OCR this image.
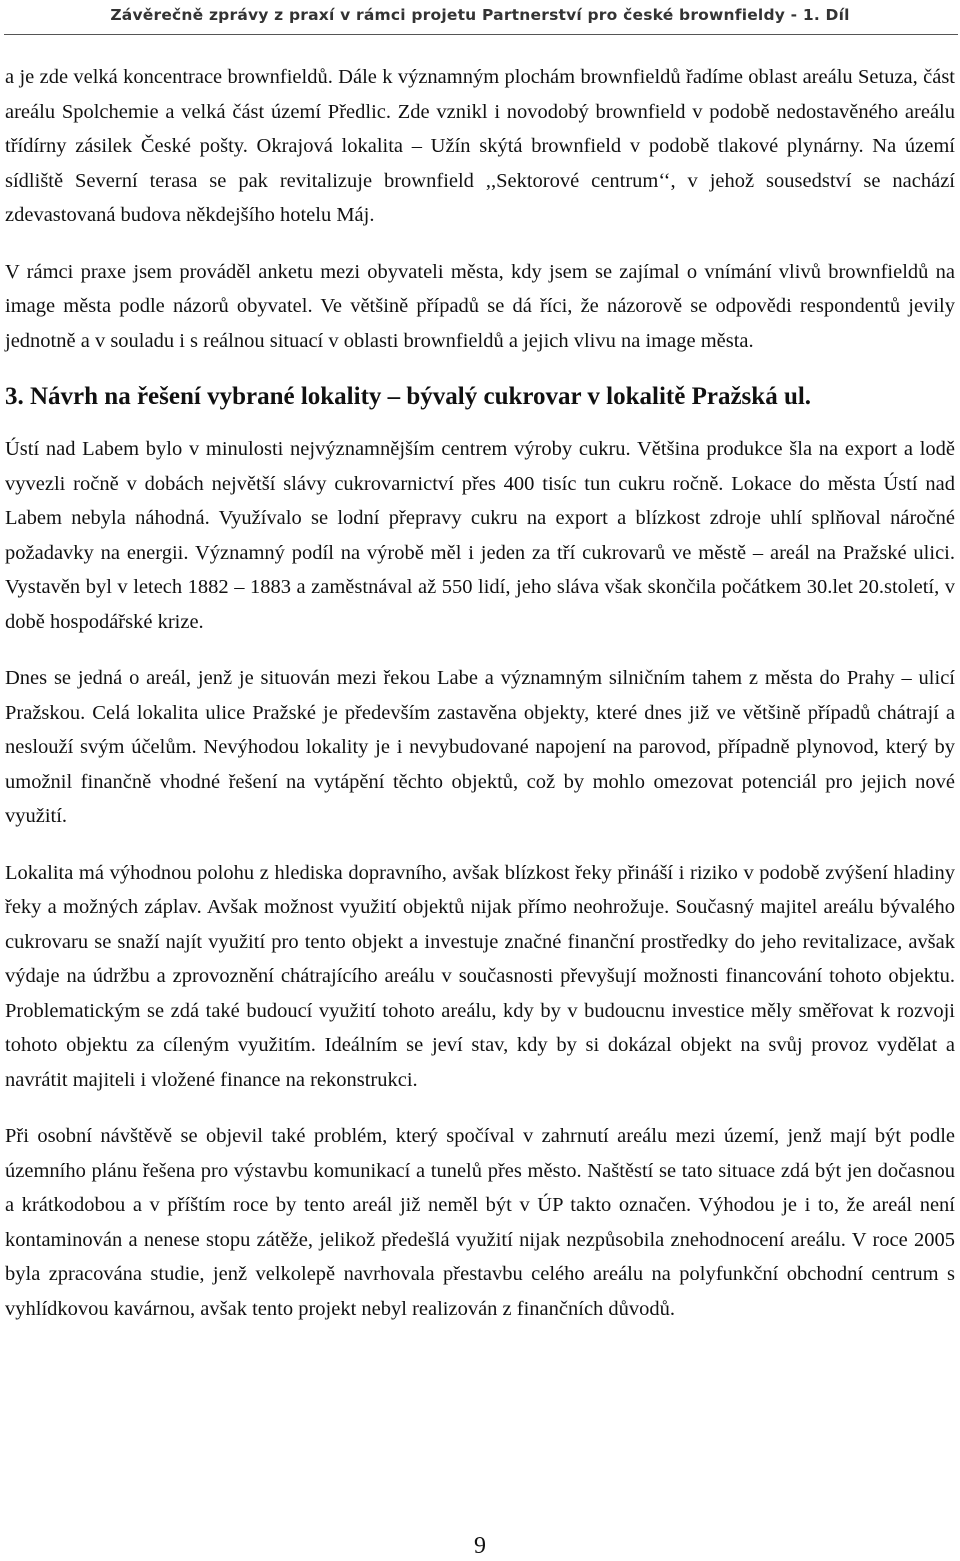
Závěrečně zprávy z praxí v rámci projetu Partnerství pro české brownfieldy - 1. Díl

a je zde velká koncentrace brownfieldů. Dále k významným plochám brownfieldů řadíme oblast areálu Setuza, část areálu Spolchemie a velká část území Předlic. Zde vznikl i novodobý brownfield v podobě nedostavěného areálu třídírny zásilek České pošty. Okrajová lokalita – Užín skýtá brownfield v podobě tlakové plynárny. Na území sídliště Severní terasa se pak revitalizuje brownfield ,,Sektorové centrum‘‘, v jehož sousedství se nachází zdevastovaná budova někdejšího hotelu Máj.

V rámci praxe jsem prováděl anketu mezi obyvateli města, kdy jsem se zajímal o vnímání vlivů brownfieldů na image města podle názorů obyvatel. Ve většině případů se dá říci, že názorově se odpovědi respondentů jevily jednotně a v souladu i s reálnou situací v oblasti brownfieldů a jejich vlivu na image města.

3. Návrh na řešení vybrané lokality – bývalý cukrovar v lokalitě Pražská ul.

Ústí nad Labem bylo v minulosti nejvýznamnějším centrem výroby cukru. Většina produkce šla na export a lodě vyvezli ročně v dobách největší slávy cukrovarnictví přes 400 tisíc tun cukru ročně. Lokace do města Ústí nad Labem nebyla náhodná. Využívalo se lodní přepravy cukru na export a blízkost zdroje uhlí splňoval náročné požadavky na energii. Významný podíl na výrobě měl i jeden za tří cukrovarů ve městě – areál na Pražské ulici. Vystavěn byl v letech 1882 – 1883 a zaměstnával až 550 lidí, jeho sláva však skončila počátkem 30.let 20.století, v době hospodářské krize.

Dnes se jedná o areál, jenž je situován mezi řekou Labe a významným silničním tahem z města do Prahy – ulicí Pražskou. Celá lokalita ulice Pražské je především zastavěna objekty, které dnes již ve většině případů chátrají a neslouží svým účelům. Nevýhodou lokality je i nevybudované napojení na parovod, případně plynovod, který by umožnil finančně vhodné řešení na vytápění těchto objektů, což by mohlo omezovat potenciál pro jejich nové využití.

Lokalita má výhodnou polohu z hlediska dopravního, avšak blízkost řeky přináší i riziko v podobě zvýšení hladiny řeky a možných záplav. Avšak možnost využití objektů nijak přímo neohrožuje. Současný majitel areálu bývalého cukrovaru se snaží najít využití pro tento objekt a investuje značné finanční prostředky do jeho revitalizace, avšak výdaje na údržbu a zprovoznění chátrajícího areálu v současnosti převyšují možnosti financování tohoto objektu. Problematickým se zdá také budoucí využití tohoto areálu, kdy by v budoucnu investice měly směřovat k rozvoji tohoto objektu za cíleným využitím. Ideálním se jeví stav, kdy by si dokázal objekt na svůj provoz vydělat a navrátit majiteli i vložené finance na rekonstrukci.

Při osobní návštěvě se objevil také problém, který spočíval v zahrnutí areálu mezi území, jenž mají být podle územního plánu řešena pro výstavbu komunikací a tunelů přes město. Naštěstí se tato situace zdá být jen dočasnou a krátkodobou a v příštím roce by tento areál již neměl být v ÚP takto označen. Výhodou je i to, že areál není kontaminován a nenese stopu zátěže, jelikož předešlá využití nijak nezpůsobila znehodnocení areálu. V roce 2005 byla zpracována studie, jenž velkolepě navrhovala přestavbu celého areálu na polyfunkční obchodní centrum s vyhlídkovou kavárnou, avšak tento projekt nebyl realizován z finančních důvodů.

9
